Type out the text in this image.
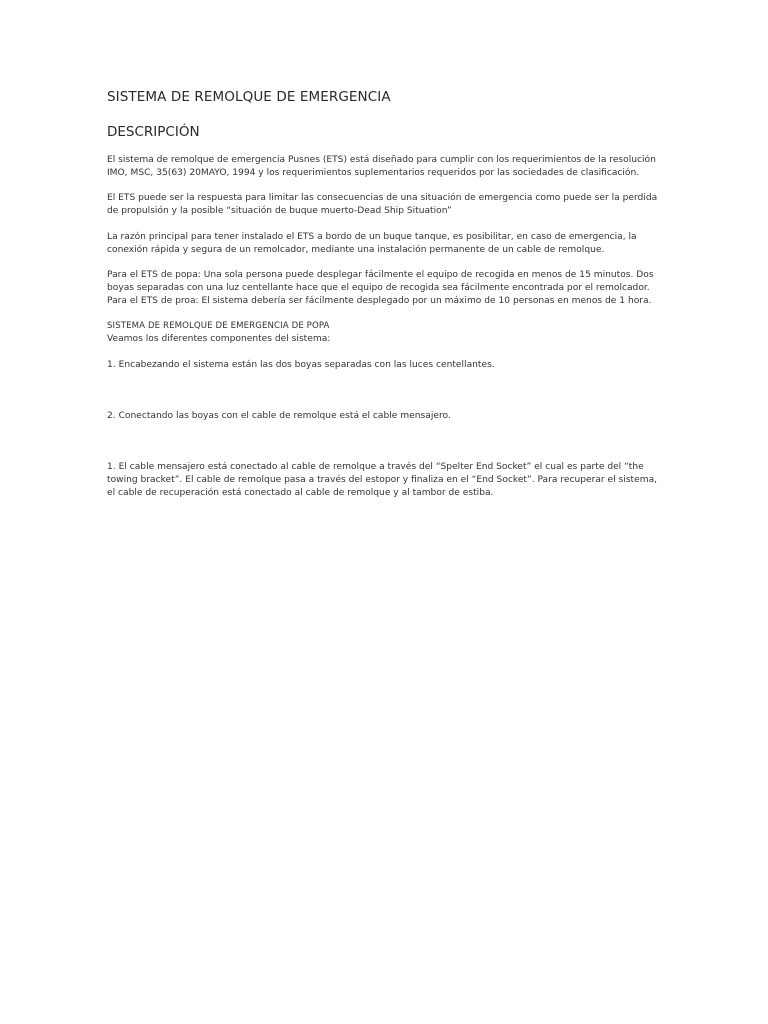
SISTEMA DE REMOLQUE DE EMERGENCIA
DESCRIPCIÓN

El sistema de remolque de emergencia Pusnes (ETS) está diseñado para cumplir con los requerimientos de la resolución IMO, MSC, 35(63) 20MAYO, 1994 y los requerimientos suplementarios requeridos por las sociedades de clasificación.

El ETS puede ser la respuesta para limitar las consecuencias de una situación de emergencia como puede ser la perdida de propulsión y la posible “situación de buque muerto-Dead Ship Situation”

La razón principal para tener instalado el ETS a bordo de un buque tanque, es posibilitar, en caso de emergencia, la conexión rápida y segura de un remolcador, mediante una instalación permanente de un cable de remolque.

Para el ETS de popa: Una sola persona puede desplegar fácilmente el equipo de recogida en menos de 15 minutos. Dos boyas separadas con una luz centellante hace que el equipo de recogida sea fácilmente encontrada por el remolcador.

Para el ETS de proa: El sistema debería ser fácilmente desplegado por un máximo de 10 personas en menos de 1 hora.

SISTEMA DE REMOLQUE DE EMERGENCIA DE POPA

Veamos los diferentes componentes del sistema:

1. Encabezando el sistema están las dos boyas separadas con las luces centellantes.

2. Conectando las boyas con el cable de remolque está el cable mensajero.

1. El cable mensajero está conectado al cable de remolque a través del “Spelter End Socket” el cual es parte del “the towing bracket”. El cable de remolque pasa a través del estopor y finaliza en el “End Socket”. Para recuperar el sistema, el cable de recuperación está conectado al cable de remolque y al tambor de estiba.
